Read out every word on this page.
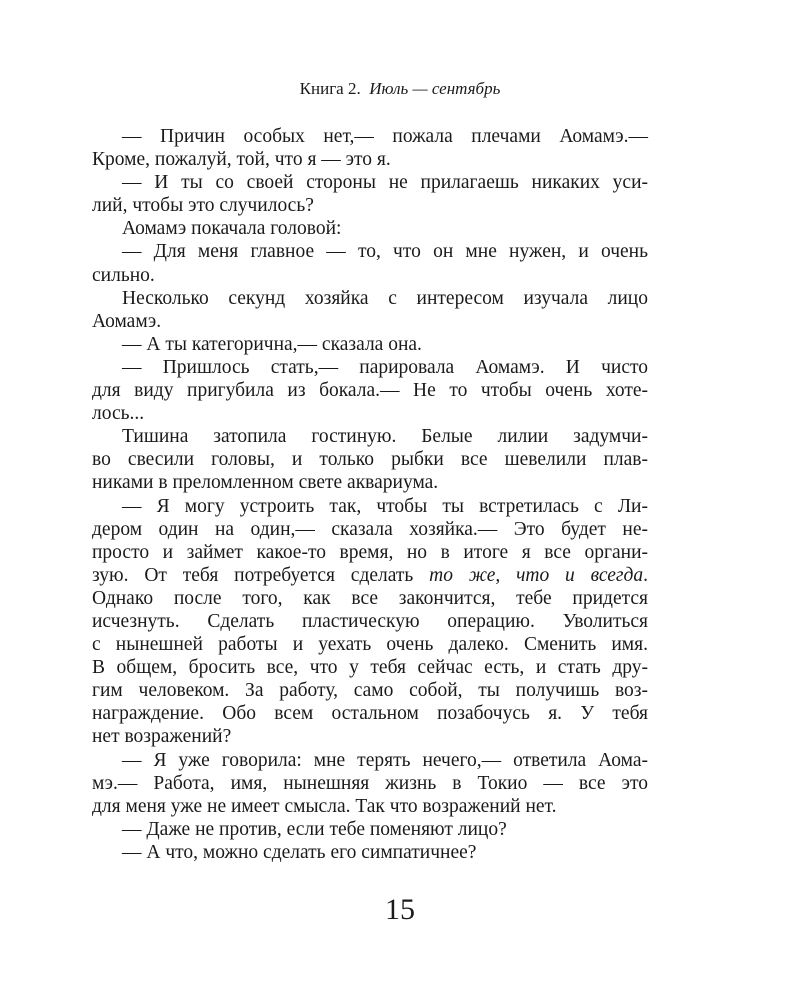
Книга 2. Июль — сентябрь
— Причин особых нет,— пожала плечами Аомамэ.—
Кроме, пожалуй, той, что я — это я.
— И ты со своей стороны не прилагаешь никаких уси-
лий, чтобы это случилось?
Аомамэ покачала головой:
— Для меня главное — то, что он мне нужен, и очень
сильно.
Несколько секунд хозяйка с интересом изучала лицо
Аомамэ.
— А ты категорична,— сказала она.
— Пришлось стать,— парировала Аомамэ. И чисто
для виду пригубила из бокала.— Не то чтобы очень хоте-
лось...
Тишина затопила гостиную. Белые лилии задумчи-
во свесили головы, и только рыбки все шевелили плав-
никами в преломленном свете аквариума.
— Я могу устроить так, чтобы ты встретилась с Ли-
дером один на один,— сказала хозяйка.— Это будет не-
просто и займет какое-то время, но в итоге я все органи-
зую. От тебя потребуется сделать то же, что и всегда.
Однако после того, как все закончится, тебе придется
исчезнуть. Сделать пластическую операцию. Уволиться
с нынешней работы и уехать очень далеко. Сменить имя.
В общем, бросить все, что у тебя сейчас есть, и стать дру-
гим человеком. За работу, само собой, ты получишь воз-
награждение. Обо всем остальном позабочусь я. У тебя
нет возражений?
— Я уже говорила: мне терять нечего,— ответила Аома-
мэ.— Работа, имя, нынешняя жизнь в Токио — все это
для меня уже не имеет смысла. Так что возражений нет.
— Даже не против, если тебе поменяют лицо?
— А что, можно сделать его симпатичнее?
15
